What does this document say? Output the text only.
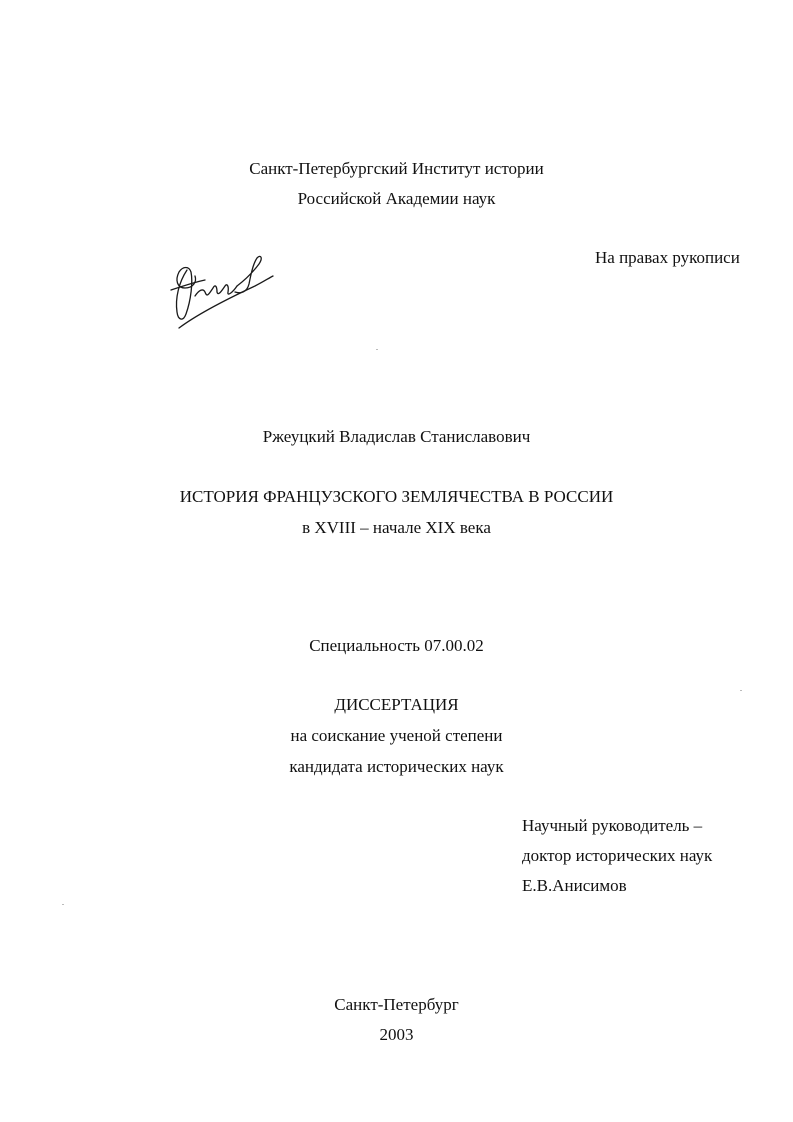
Санкт-Петербургский Институт истории
Российской Академии наук
На правах рукописи
Ржеуцкий Владислав Станиславович
ИСТОРИЯ ФРАНЦУЗСКОГО ЗЕМЛЯЧЕСТВА В РОССИИ
в XVIII – начале XIX века
Специальность 07.00.02
ДИССЕРТАЦИЯ
на соискание ученой степени
кандидата исторических наук
Научный руководитель –
доктор исторических наук
Е.В.Анисимов
Санкт-Петербург
2003
